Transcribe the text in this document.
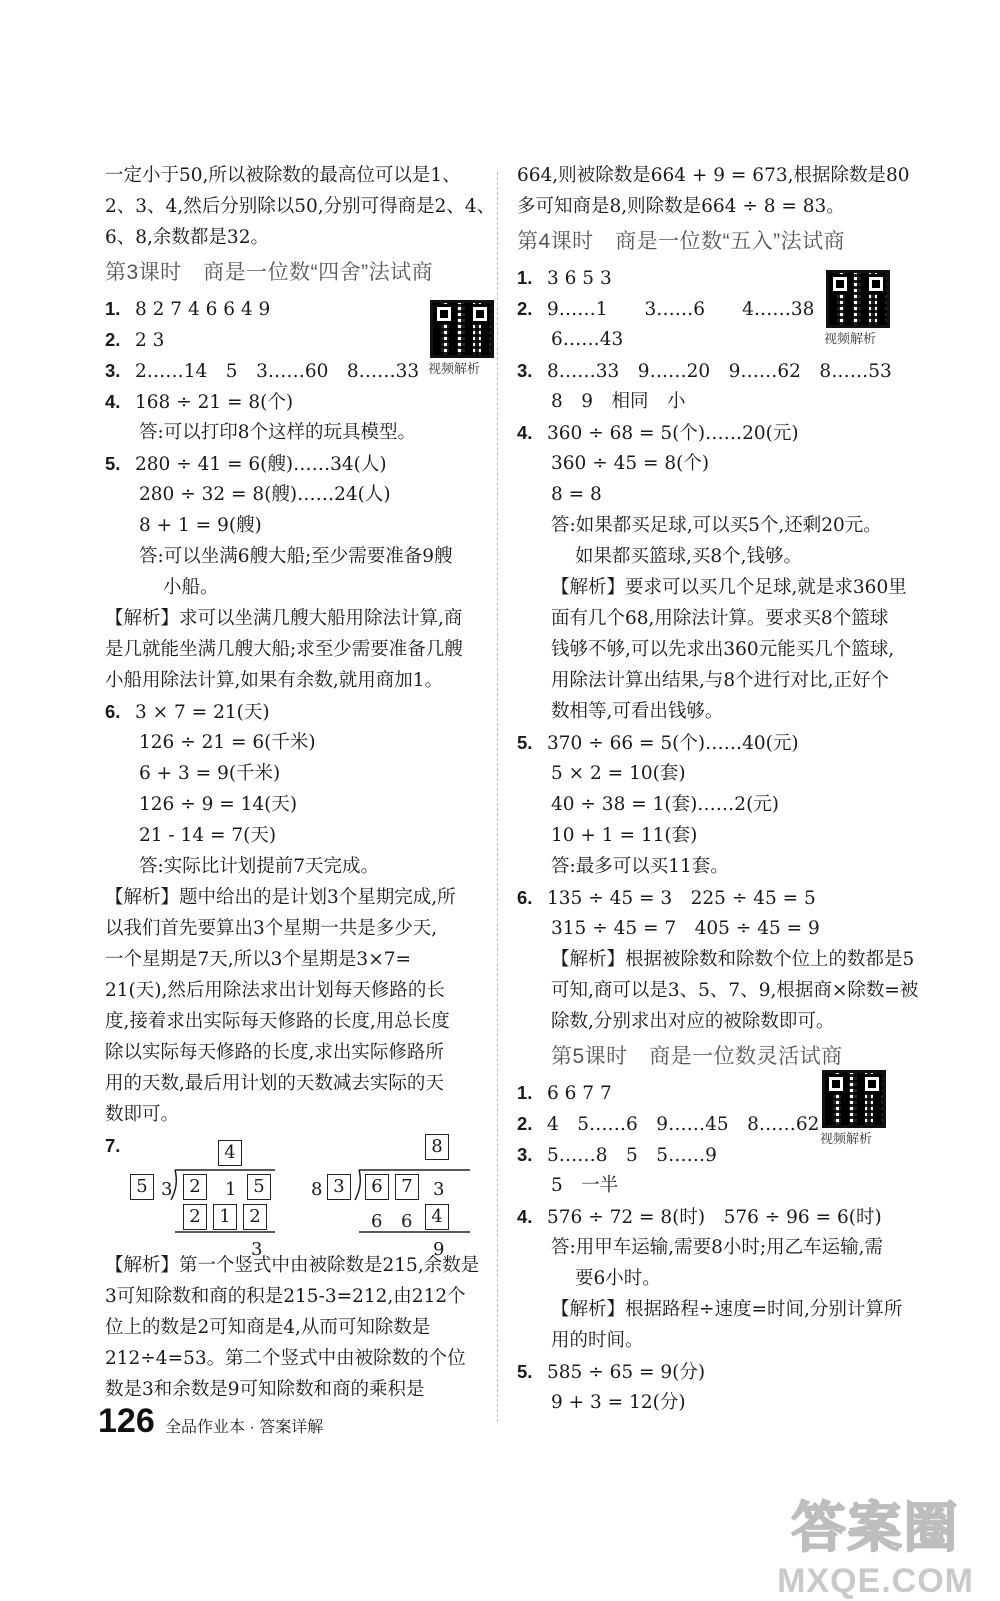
一定小于50,所以被除数的最高位可以是1、
2、3、4,然后分别除以50,分别可得商是2、4、
6、8,余数都是32。
第3课时　商是一位数“四舍”法试商
1. 8 2 7 4 6 6 4 9
2. 2 3
3. 2……14　5　3……60　8……33
4. 168 ÷ 21 = 8(个)
答:可以打印8个这样的玩具模型。
5. 280 ÷ 41 = 6(艘)……34(人)
280 ÷ 32 = 8(艘)……24(人)
8 + 1 = 9(艘)
答:可以坐满6艘大船;至少需要准备9艘
小船。
【解析】求可以坐满几艘大船用除法计算,商
是几就能坐满几艘大船;求至少需要准备几艘
小船用除法计算,如果有余数,就用商加1。
6. 3 × 7 = 21(天)
126 ÷ 21 = 6(千米)
6 + 3 = 9(千米)
126 ÷ 9 = 14(天)
21 - 14 = 7(天)
答:实际比计划提前7天完成。
【解析】题中给出的是计划3个星期完成,所
以我们首先要算出3个星期一共是多少天,
一个星期是7天,所以3个星期是3×7=
21(天),然后用除法求出计划每天修路的长
度,接着求出实际每天修路的长度,用总长度
除以实际每天修路的长度,求出实际修路所
用的天数,最后用计划的天数减去实际的天
数即可。
7.	4
5 3 2	1 5
2	1	2
3
8
8 3	6	7	3
6 6	4
9
【解析】第一个竖式中由被除数是215,余数是
3可知除数和商的积是215-3=212,由212个
位上的数是2可知商是4,从而可知除数是
212÷4=53。第二个竖式中由被除数的个位
数是3和余数是9可知除数和商的乘积是
视频解析
664,则被除数是664 + 9 = 673,根据除数是80
多可知商是8,则除数是664 ÷ 8 = 83。
第4课时　商是一位数“五入”法试商
1. 3 6 5 3
2. 9……1　　3……6　　4……38
6……43
3. 8……33　9……20　9……62　8……53
8　9　相同　小
4. 360 ÷ 68 = 5(个)……20(元)
360 ÷ 45 = 8(个)
8 = 8
答:如果都买足球,可以买5个,还剩20元。
如果都买篮球,买8个,钱够。
【解析】要求可以买几个足球,就是求360里
面有几个68,用除法计算。要求买8个篮球
钱够不够,可以先求出360元能买几个篮球,
用除法计算出结果,与8个进行对比,正好个
数相等,可看出钱够。
5. 370 ÷ 66 = 5(个)……40(元)
5 × 2 = 10(套)
40 ÷ 38 = 1(套)……2(元)
10 + 1 = 11(套)
答:最多可以买11套。
6. 135 ÷ 45 = 3　225 ÷ 45 = 5
315 ÷ 45 = 7　405 ÷ 45 = 9
【解析】根据被除数和除数个位上的数都是5
可知,商可以是3、5、7、9,根据商×除数=被
除数,分别求出对应的被除数即可。
第5课时　商是一位数灵活试商
1. 6 6 7 7
2. 4　5……6　9……45　8……62
3. 5……8　5　5……9
5　一半
4. 576 ÷ 72 = 8(时)　576 ÷ 96 = 6(时)
答:用甲车运输,需要8小时;用乙车运输,需
要6小时。
【解析】根据路程÷速度=时间,分别计算所
用的时间。
5. 585 ÷ 65 = 9(分)
9 + 3 = 12(分)
视频解析
视频解析
126 全品作业本 · 答案详解
答案圈
MXQE.COM
